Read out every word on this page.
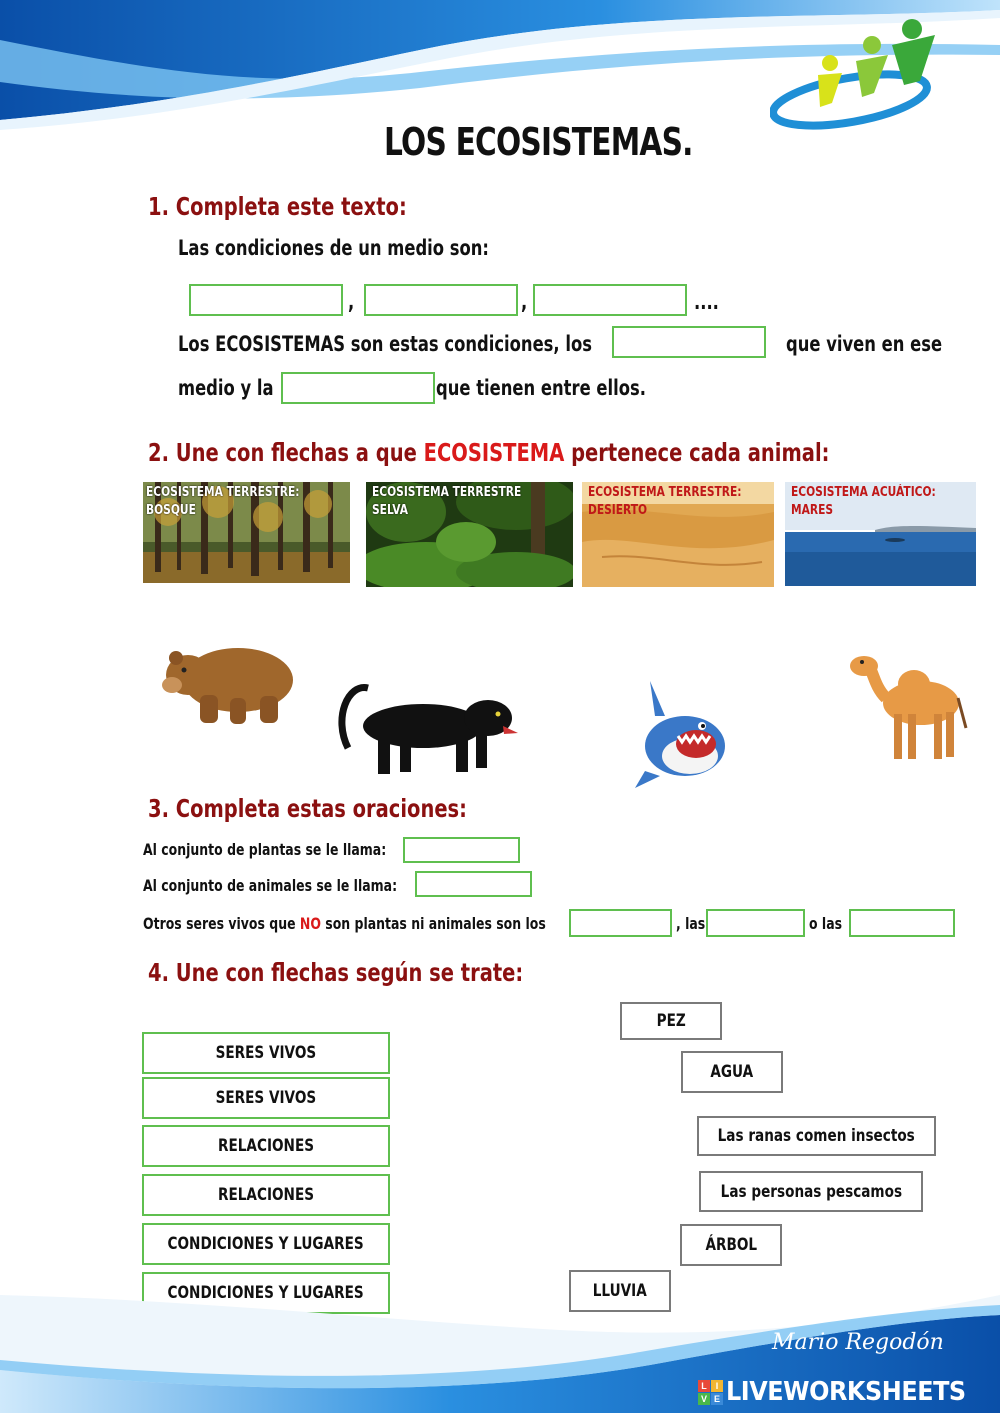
LOS ECOSISTEMAS.
1. Completa este texto:
Las condiciones de un medio son:
,	,	....
Los ECOSISTEMAS son estas condiciones, los	que viven en ese
medio y la	que tienen entre ellos.
2. Une con flechas a que ECOSISTEMA pertenece cada animal:
ECOSISTEMA TERRESTRE:
BOSQUE
ECOSISTEMA TERRESTRE
SELVA
ECOSISTEMA TERRESTRE:
DESIERTO
ECOSISTEMA ACUÁTICO:
MARES
3. Completa estas oraciones:
Al conjunto de plantas se le llama:
Al conjunto de animales se le llama:
Otros seres vivos que NO son plantas ni animales son los	, las	o las
4. Une con flechas según se trate:
SERES VIVOS
SERES VIVOS
RELACIONES
RELACIONES
CONDICIONES Y LUGARES
CONDICIONES Y LUGARES
PEZ
AGUA
Las ranas comen insectos
Las personas pescamos
ÁRBOL
LLUVIA
Mario Regodón
L I
V E LIVEWORKSHEETS
